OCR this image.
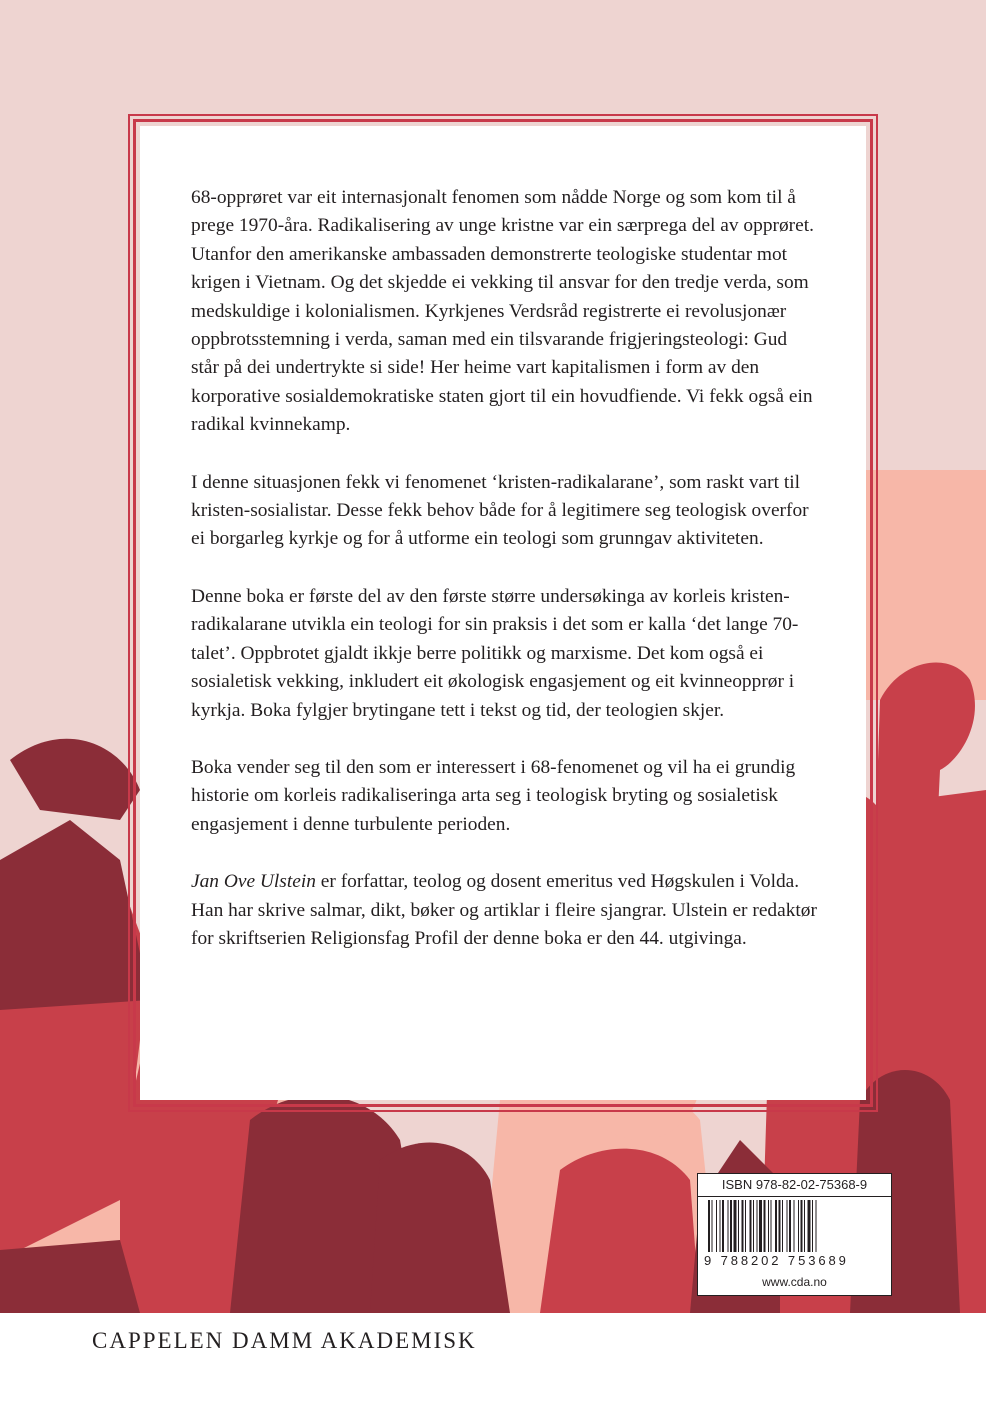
68-opprøret var eit internasjonalt fenomen som nådde Norge og som kom til å prege 1970-åra. Radikalisering av unge kristne var ein særprega del av opprøret. Utanfor den amerikanske ambassaden demonstrerte teologiske studentar mot krigen i Vietnam. Og det skjedde ei vekking til ansvar for den tredje verda, som medskuldige i kolonialismen. Kyrkjenes Verdsråd registrerte ei revolusjonær oppbrotsstemning i verda, saman med ein tilsvarande frigjeringsteologi: Gud står på dei undertrykte si side! Her heime vart kapitalismen i form av den korporative sosialdemokratiske staten gjort til ein hovudfiende. Vi fekk også ein radikal kvinnekamp.

I denne situasjonen fekk vi fenomenet ‘kristen-radikalarane’, som raskt vart til kristen-sosialistar. Desse fekk behov både for å legitimere seg teologisk overfor ei borgarleg kyrkje og for å utforme ein teologi som grunngav aktiviteten.

Denne boka er første del av den første større undersøkinga av korleis kristen-radikalarane utvikla ein teologi for sin praksis i det som er kalla ‘det lange 70-talet’. Oppbrotet gjaldt ikkje berre politikk og marxisme. Det kom også ei sosialetisk vekking, inkludert eit økologisk engasjement og eit kvinneopprør i kyrkja. Boka fylgjer brytingane tett i tekst og tid, der teologien skjer.

Boka vender seg til den som er interessert i 68-fenomenet og vil ha ei grundig historie om korleis radikaliseringa arta seg i teologisk bryting og sosialetisk engasjement i denne turbulente perioden.

Jan Ove Ulstein er forfattar, teolog og dosent emeritus ved Høgskulen i Volda. Han har skrive salmar, dikt, bøker og artiklar i fleire sjangrar. Ulstein er redaktør for skriftserien Religionsfag Profil der denne boka er den 44. utgivinga.

ISBN 978-82-02-75368-9
9 788202 753689
www.cda.no
CAPPELEN DAMM AKADEMISK
